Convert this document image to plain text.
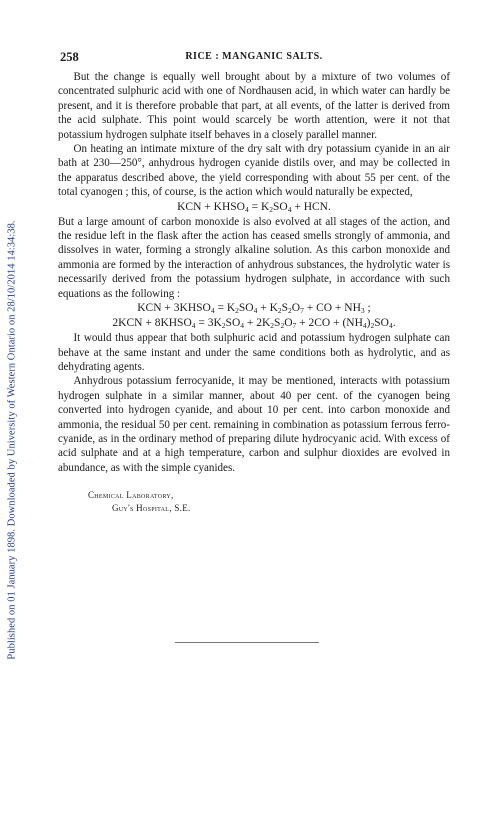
Published on 01 January 1898. Downloaded by University of Western Ontario on 28/10/2014 14:34:38.
258	RICE : MANGANIC SALTS.

But the change is equally well brought about by a mixture of two volumes of concentrated sulphuric acid with one of Nordhausen acid, in which water can hardly be present, and it is therefore probable that part, at all events, of the latter is derived from the acid sulphate. This point would scarcely be worth attention, were it not that potassium hydrogen sulphate itself behaves in a closely parallel manner.

On heating an intimate mixture of the dry salt with dry potassium cyanide in an air bath at 230—250°, anhydrous hydrogen cyanide distils over, and may be collected in the apparatus described above, the yield corresponding with about 55 per cent. of the total cyanogen ; this, of course, is the action which would naturally be expected,

KCN + $KHSO_4 = K_2SO_4$ + HCN.

But a large amount of carbon monoxide is also evolved at all stages of the action, and the residue left in the flask after the action has ceased smells strongly of ammonia, and dissolves in water, forming a strongly alkaline solution. As this carbon monoxide and ammonia are formed by the interaction of anhydrous substances, the hydrolytic water is necessarily derived from the potassium hydrogen sulphate, in accordance with such equations as the following :

KCN + $3KHSO_4 = K_2SO_4 + K_2S_2O_7$ + CO + $NH_3$ ;

$2KCN + 8KHSO_4 = 3K_2SO_4 + 2K_2S_2O_7 + 2CO + (NH_4)_2SO_4$.

It would thus appear that both sulphuric acid and potassium hydrogen sulphate can behave at the same instant and under the same conditions both as hydrolytic, and as dehydrating agents.

Anhydrous potassium ferrocyanide, it may be mentioned, interacts with potassium hydrogen sulphate in a similar manner, about 40 per cent. of the cyanogen being converted into hydrogen cyanide, and about 10 per cent. into carbon monoxide and ammonia, the residual 50 per cent. remaining in combination as potassium ferrous ferro-cyanide, as in the ordinary method of preparing dilute hydrocyanic acid. With excess of acid sulphate and at a high temperature, carbon and sulphur dioxides are evolved in abundance, as with the simple cyanides.

Chemical Laboratory,
Guy's Hospital, S.E.
